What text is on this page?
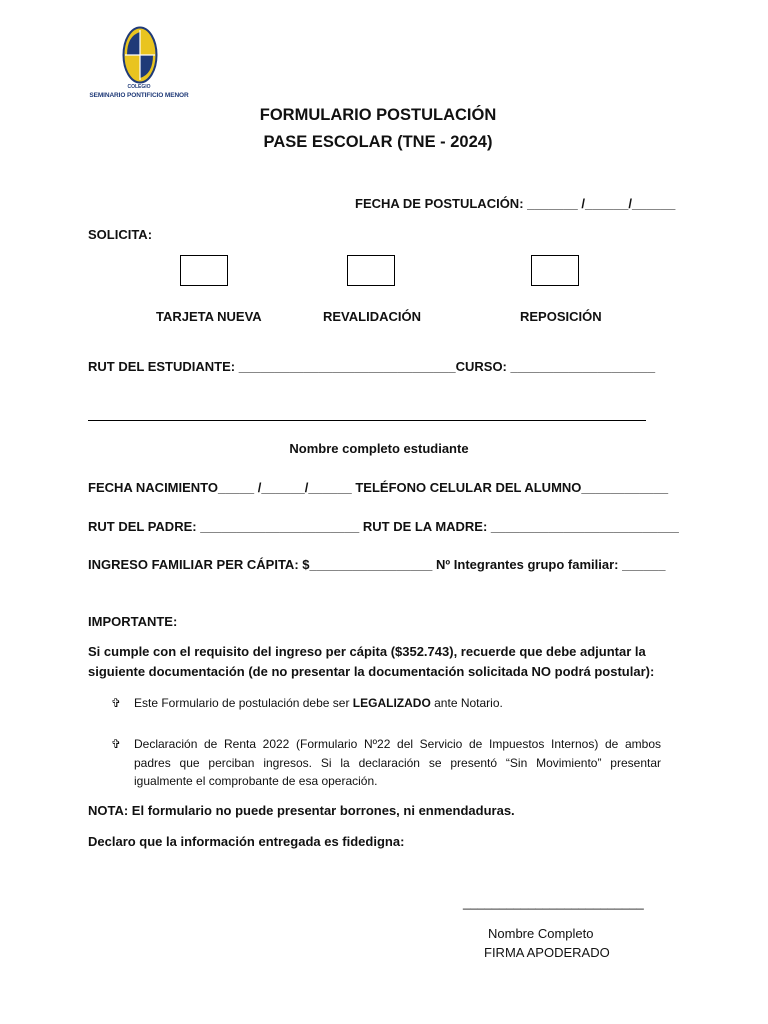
COLEGIO
SEMINARIO PONTIFICIO MENOR
FORMULARIO POSTULACIÓN
PASE ESCOLAR (TNE - 2024)
FECHA DE POSTULACIÓN: _______ /______/______
SOLICITA:
TARJETA NUEVA	REVALIDACIÓN	REPOSICIÓN
RUT DEL ESTUDIANTE: ______________________________CURSO: ____________________
Nombre completo estudiante
FECHA NACIMIENTO_____ /______/______ TELÉFONO CELULAR DEL ALUMNO____________
RUT DEL PADRE: ______________________ RUT DE LA MADRE: __________________________
INGRESO FAMILIAR PER CÁPITA: $_________________ Nº Integrantes grupo familiar: ______
IMPORTANTE:
Si cumple con el requisito del ingreso per cápita ($352.743), recuerde que debe adjuntar la siguiente documentación (de no presentar la documentación solicitada NO podrá postular):
✞ Este Formulario de postulación debe ser LEGALIZADO ante Notario.
✞ Declaración de Renta 2022 (Formulario Nº22 del Servicio de Impuestos Internos) de ambos padres que perciban ingresos. Si la declaración se presentó “Sin Movimiento” presentar igualmente el comprobante de esa operación.
NOTA: El formulario no puede presentar borrones, ni enmendaduras.
Declaro que la información entregada es fidedigna:
_________________________
Nombre Completo
FIRMA APODERADO
